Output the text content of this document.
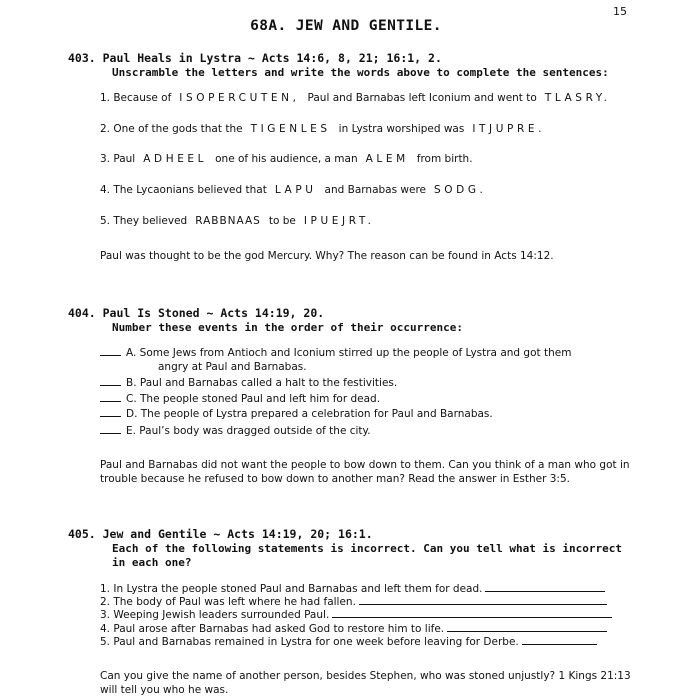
15
68A. JEW AND GENTILE.
403. Paul Heals in Lystra ~ Acts 14:6, 8, 21; 16:1, 2.
Unscramble the letters and write the words above to complete the sentences:
1. Because of ISOPERCUTEN, Paul and Barnabas left Iconium and went to TLASRY.
2. One of the gods that the TIGENLES in Lystra worshiped was ITJUPRE.
3. Paul ADHEEL one of his audience, a man ALEM from birth.
4. The Lycaonians believed that LAPU and Barnabas were SODG.
5. They believed RABBNAAS to be IPUEJRT.
Paul was thought to be the god Mercury. Why? The reason can be found in Acts 14:12.
404. Paul Is Stoned ~ Acts 14:19, 20.
Number these events in the order of their occurrence:
A. Some Jews from Antioch and Iconium stirred up the people of Lystra and got them
angry at Paul and Barnabas.
B. Paul and Barnabas called a halt to the festivities.
C. The people stoned Paul and left him for dead.
D. The people of Lystra prepared a celebration for Paul and Barnabas.
E. Paul’s body was dragged outside of the city.
Paul and Barnabas did not want the people to bow down to them. Can you think of a man who got in trouble because he refused to bow down to another man? Read the answer in Esther 3:5.
405. Jew and Gentile ~ Acts 14:19, 20; 16:1.
Each of the following statements is incorrect. Can you tell what is incorrect in each one?
1. In Lystra the people stoned Paul and Barnabas and left them for dead.
2. The body of Paul was left where he had fallen.
3. Weeping Jewish leaders surrounded Paul.
4. Paul arose after Barnabas had asked God to restore him to life.
5. Paul and Barnabas remained in Lystra for one week before leaving for Derbe.
Can you give the name of another person, besides Stephen, who was stoned unjustly? 1 Kings 21:13 will tell you who he was.
